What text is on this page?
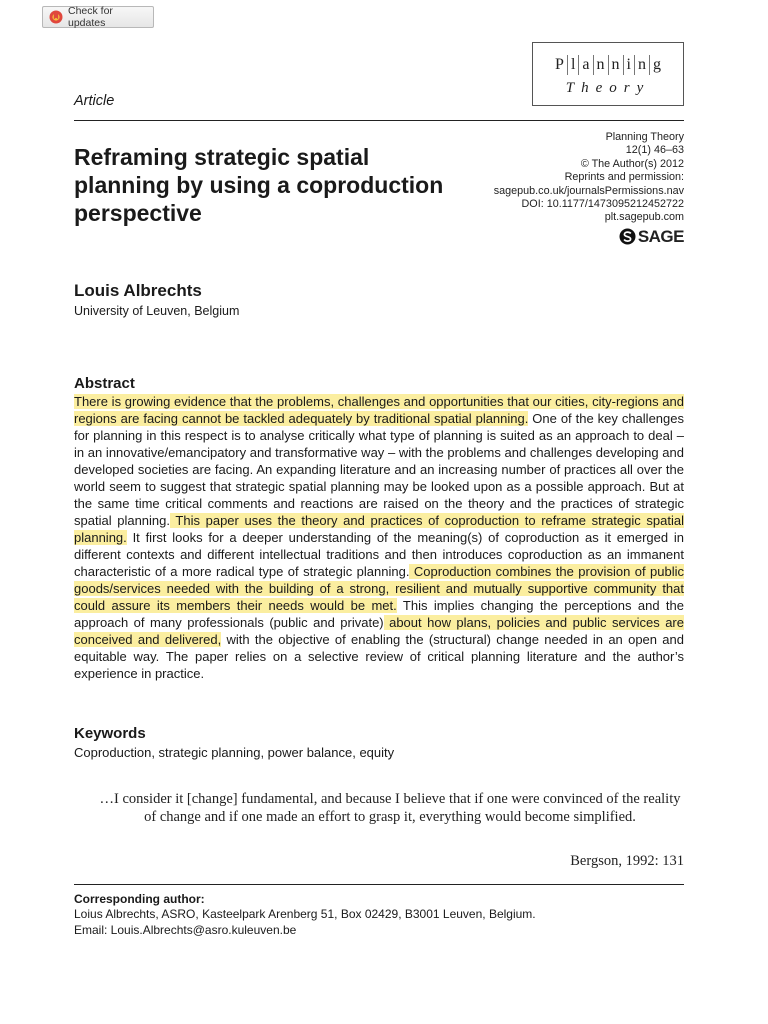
Check for updates
P l a n n i n g
Theory
Article
Reframing strategic spatial planning by using a coproduction perspective
Planning Theory
12(1) 46–63
© The Author(s) 2012
Reprints and permission:
sagepub.co.uk/journalsPermissions.nav
DOI: 10.1177/1473095212452722
plt.sagepub.com
SAGE
Louis Albrechts
University of Leuven, Belgium
Abstract

There is growing evidence that the problems, challenges and opportunities that our cities, city-regions and regions are facing cannot be tackled adequately by traditional spatial planning. One of the key challenges for planning in this respect is to analyse critically what type of planning is suited as an approach to deal – in an innovative/emancipatory and transformative way – with the problems and challenges developing and developed societies are facing. An expanding literature and an increasing number of practices all over the world seem to suggest that strategic spatial planning may be looked upon as a possible approach. But at the same time critical comments and reactions are raised on the theory and the practices of strategic spatial planning. This paper uses the theory and practices of coproduction to reframe strategic spatial planning. It first looks for a deeper understanding of the meaning(s) of coproduction as it emerged in different contexts and different intellectual traditions and then introduces coproduction as an immanent characteristic of a more radical type of strategic planning. Coproduction combines the provision of public goods/services needed with the building of a strong, resilient and mutually supportive community that could assure its members their needs would be met. This implies changing the perceptions and the approach of many professionals (public and private) about how plans, policies and public services are conceived and delivered, with the objective of enabling the (structural) change needed in an open and equitable way. The paper relies on a selective review of critical planning literature and the author’s experience in practice.

Keywords
Coproduction, strategic planning, power balance, equity

…I consider it [change] fundamental, and because I believe that if one were convinced of the reality of change and if one made an effort to grasp it, everything would become simplified.

Bergson, 1992: 131
Corresponding author:
Loius Albrechts, ASRO, Kasteelpark Arenberg 51, Box 02429, B3001 Leuven, Belgium.
Email: Louis.Albrechts@asro.kuleuven.be
